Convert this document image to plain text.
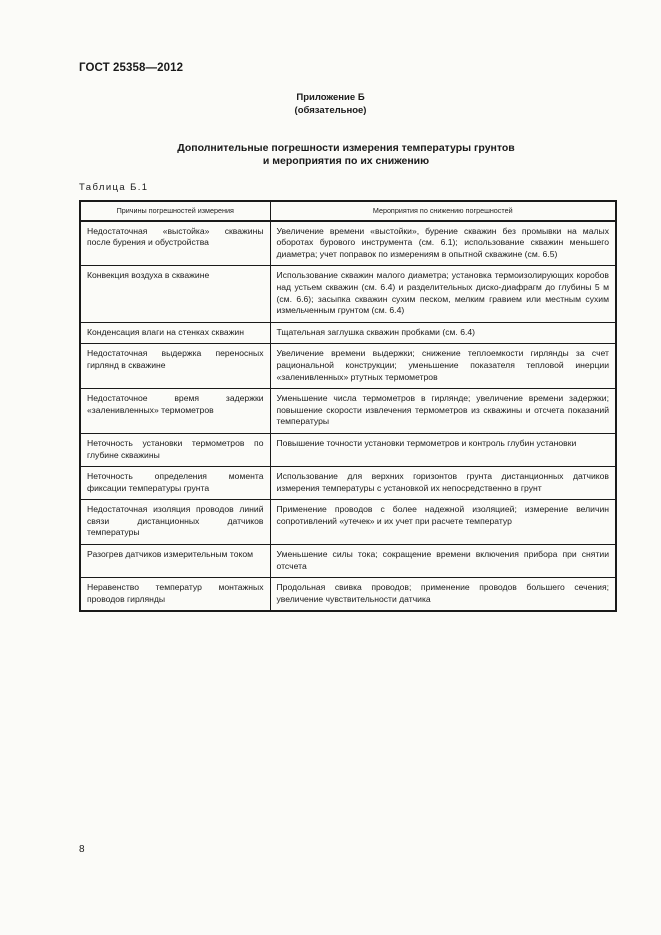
ГОСТ 25358—2012
Приложение Б
(обязательное)
Дополнительные погрешности измерения температуры грунтов
и мероприятия по их снижению
Таблица Б.1
Причины погрешностей измерения	Мероприятия по снижению погрешностей
Недостаточная «выстойка» скважины после бурения и обустройства	Увеличение времени «выстойки», бурение скважин без промывки на малых оборотах бурового инструмента (см. 6.1); использование скважин меньшего диаметра; учет поправок по измерениям в опытной скважине (см. 6.5)
Конвекция воздуха в скважине	Использование скважин малого диаметра; установка термоизолирующих коробов над устьем скважин (см. 6.4) и разделительных диско-диафрагм до глубины 5 м (см. 6.6); засыпка скважин сухим песком, мелким гравием или местным сухим измельченным грунтом (см. 6.4)
Конденсация влаги на стенках скважин	Тщательная заглушка скважин пробками (см. 6.4)
Недостаточная выдержка переносных гирлянд в скважине	Увеличение времени выдержки; снижение теплоемкости гирлянды за счет рациональной конструкции; уменьшение показателя тепловой инерции «заленивленных» ртутных термометров
Недостаточное время задержки «заленивленных» термометров	Уменьшение числа термометров в гирлянде; увеличение времени задержки; повышение скорости извлечения термометров из скважины и отсчета показаний температуры
Неточность установки термометров по глубине скважины	Повышение точности установки термометров и контроль глубин установки
Неточность определения момента фиксации температуры грунта	Использование для верхних горизонтов грунта дистанционных датчиков измерения температуры с установкой их непосредственно в грунт
Недостаточная изоляция проводов линий связи дистанционных датчиков температуры	Применение проводов с более надежной изоляцией; измерение величин сопротивлений «утечек» и их учет при расчете температур
Разогрев датчиков измерительным током	Уменьшение силы тока; сокращение времени включения прибора при снятии отсчета
Неравенство температур монтажных проводов гирлянды	Продольная свивка проводов; применение проводов большего сечения; увеличение чувствительности датчика
8
